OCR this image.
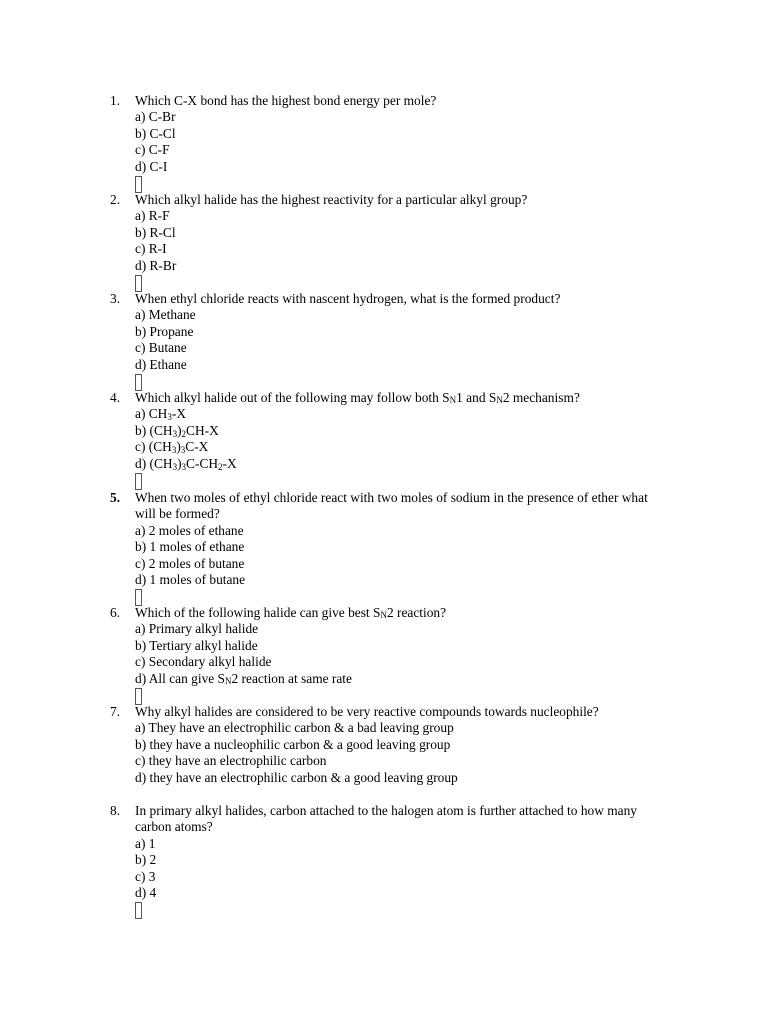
1. Which C-X bond has the highest bond energy per mole?
a) C-Br
b) C-Cl
c) C-F
d) C-I
2. Which alkyl halide has the highest reactivity for a particular alkyl group?
a) R-F
b) R-Cl
c) R-I
d) R-Br
3. When ethyl chloride reacts with nascent hydrogen, what is the formed product?
a) Methane
b) Propane
c) Butane
d) Ethane
4. Which alkyl halide out of the following may follow both $S_N1$ and $S_N2$ mechanism?
a) $CH_3-X$
b) $(CH_3)_2CH-X$
c) $(CH_3)_3C-X$
d) $(CH_3)_3C-CH_2-X$
5. When two moles of ethyl chloride react with two moles of sodium in the presence of ether what will be formed?
a) 2 moles of ethane
b) 1 moles of ethane
c) 2 moles of butane
d) 1 moles of butane
6. Which of the following halide can give best $S_N2$ reaction?
a) Primary alkyl halide
b) Tertiary alkyl halide
c) Secondary alkyl halide
d) All can give $S_N2$ reaction at same rate
7. Why alkyl halides are considered to be very reactive compounds towards nucleophile?
a) They have an electrophilic carbon & a bad leaving group
b) they have a nucleophilic carbon & a good leaving group
c) they have an electrophilic carbon
d) they have an electrophilic carbon & a good leaving group
8. In primary alkyl halides, carbon attached to the halogen atom is further attached to how many carbon atoms?
a) 1
b) 2
c) 3
d) 4
